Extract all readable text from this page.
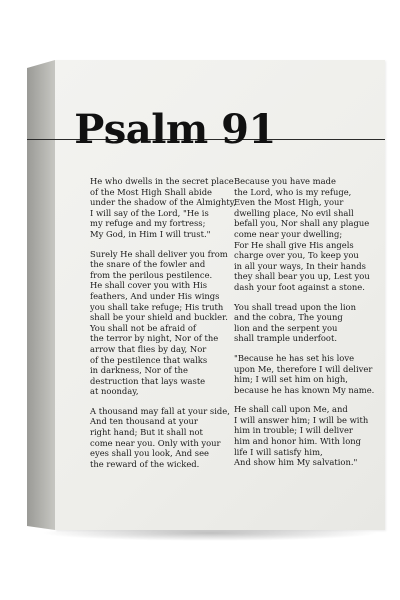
Psalm 91
He who dwells in the secret place
of the Most High Shall abide
under the shadow of the Almighty,
I will say of the Lord, "He is
my refuge and my fortress;
My God, in Him I will trust."
Surely He shall deliver you from
the snare of the fowler and
from the perilous pestilence.
He shall cover you with His
feathers, And under His wings
you shall take refuge; His truth
shall be your shield and buckler.
You shall not be afraid of
the terror by night, Nor of the
arrow that flies by day, Nor
of the pestilence that walks
in darkness, Nor of the
destruction that lays waste
at noonday,
A thousand may fall at your side,
And ten thousand at your
right hand; But it shall not
come near you. Only with your
eyes shall you look, And see
the reward of the wicked.
Because you have made
the Lord, who is my refuge,
Even the Most High, your
dwelling place, No evil shall
befall you, Nor shall any plague
come near your dwelling;
For He shall give His angels
charge over you, To keep you
in all your ways, In their hands
they shall bear you up, Lest you
dash your foot against a stone.
You shall tread upon the lion
and the cobra, The young
lion and the serpent you
shall trample underfoot.
"Because he has set his love
upon Me, therefore I will deliver
him; I will set him on high,
because he has known My name.
He shall call upon Me, and
I will answer him; I will be with
him in trouble; I will deliver
him and honor him. With long
life I will satisfy him,
And show him My salvation."
